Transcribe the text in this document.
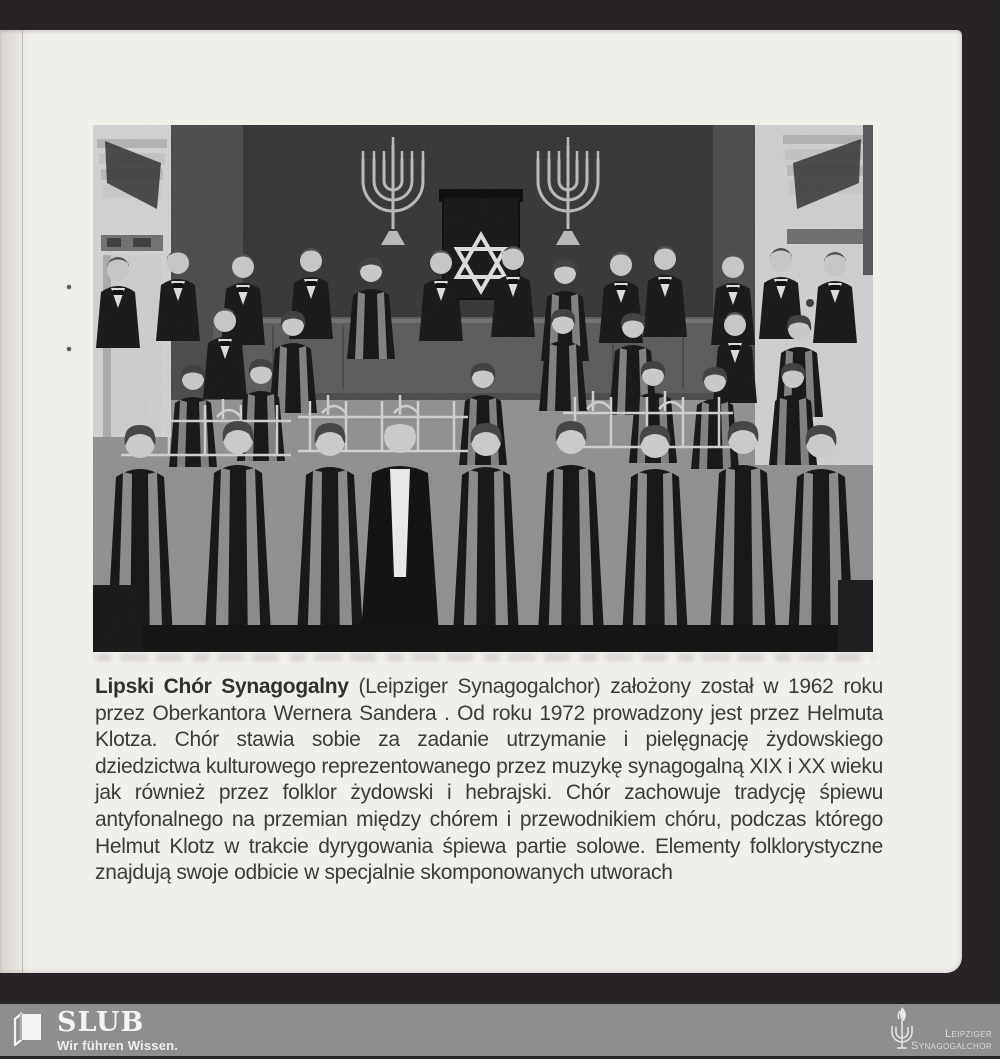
Lipski Chór Synagogalny (Leipziger Synagogalchor) założony został w 1962 roku przez Oberkantora Wernera Sandera . Od roku 1972 prowadzony jest przez Helmuta Klotza. Chór stawia sobie za zadanie utrzymanie i pielęgnację żydowskiego dziedzictwa kulturowego reprezentowanego przez muzykę synagogalną XIX i XX wieku jak również przez folklor żydowski i hebrajski. Chór zachowuje tradycję śpiewu antyfonalnego na przemian między chórem i przewodnikiem chóru, podczas którego Helmut Klotz w trakcie dyrygowania śpiewa partie solowe. Elementy folklorystyczne znajdują swoje odbicie w specjalnie skomponowanych utworach

SLUB
Wir führen Wissen.
Leipziger
Synagogalchor
